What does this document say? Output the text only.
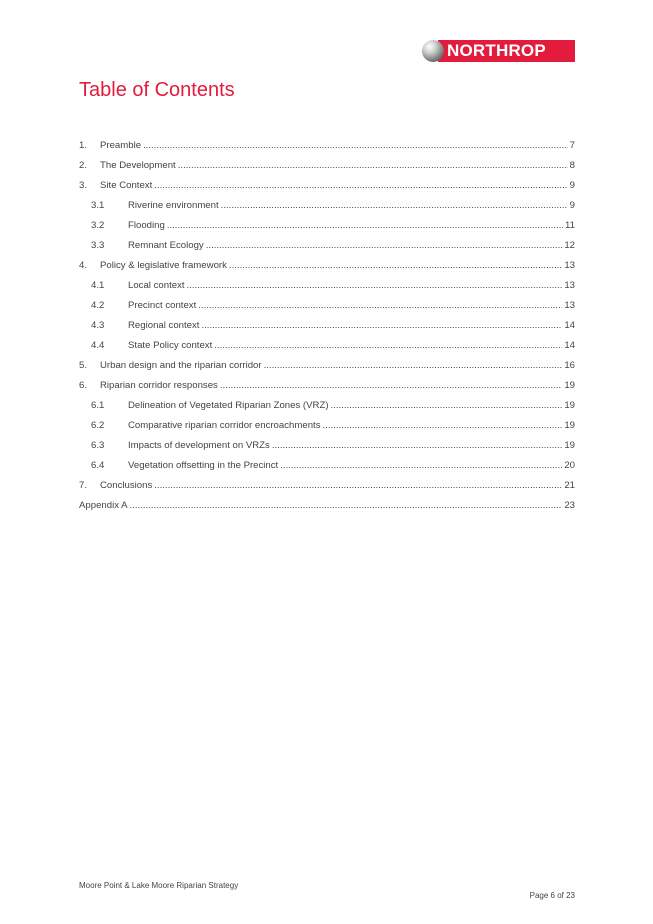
NORTHROP
Table of Contents
1.	Preamble .....	7
2.	The Development .....	8
3.	Site Context .....	9
3.1	Riverine environment .....	9
3.2	Flooding .....	11
3.3	Remnant Ecology .....	12
4.	Policy & legislative framework .....	13
4.1	Local context .....	13
4.2	Precinct context .....	13
4.3	Regional context .....	14
4.4	State Policy context .....	14
5.	Urban design and the riparian corridor .....	16
6.	Riparian corridor responses .....	19
6.1	Delineation of Vegetated Riparian Zones (VRZ) .....	19
6.2	Comparative riparian corridor encroachments .....	19
6.3	Impacts of development on VRZs .....	19
6.4	Vegetation offsetting in the Precinct .....	20
7.	Conclusions .....	21
Appendix A .....	23
Moore Point & Lake Moore Riparian Strategy
Page 6 of 23
